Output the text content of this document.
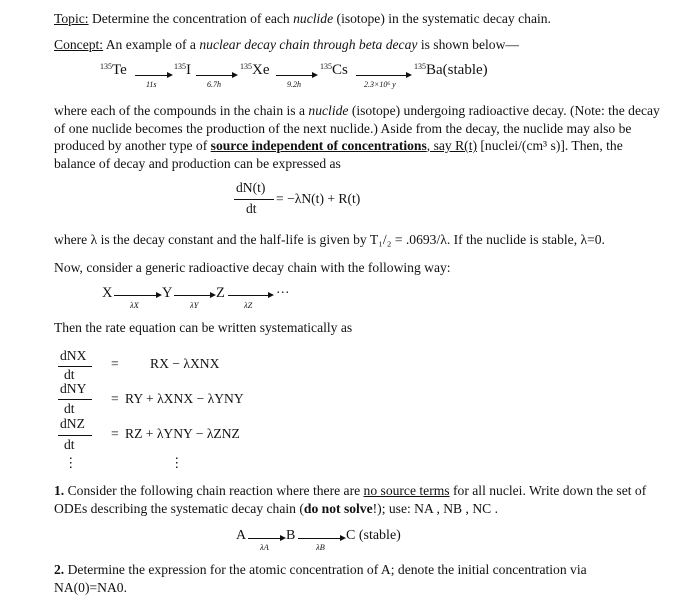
Topic: Determine the concentration of each nuclide (isotope) in the systematic decay chain.
Concept: An example of a nuclear decay chain through beta decay is shown below—
$^{135}$Te
11s
$^{135}$I
6.7h
$^{135}$Xe
9.2h
$^{135}$Cs
2.3×10⁶ y
$^{135}$Ba(stable)
where each of the compounds in the chain is a nuclide (isotope) undergoing radioactive decay. (Note: the decay of one nuclide becomes the production of the next nuclide.) Aside from the decay, the nuclide may also be produced by another type of source independent of concentrations, say R(t) [nuclei/(cm³ s)]. Then, the balance of decay and production can be expressed as
dN(t)
dt
= −λN(t) + R(t)
where λ is the decay constant and the half-life is given by T₁/₂ = .0693/λ. If the nuclide is stable, λ=0.
Now, consider a generic radioactive decay chain with the following way:
X
λX
Y
λY
Z
λZ
···
Then the rate equation can be written systematically as
dNX
dt
= RX − λXNX
dNY
dt
= RY + λXNX − λYNY
dNZ
dt
= RZ + λYNY − λZNZ
⋮	⋮
1. Consider the following chain reaction where there are no source terms for all nuclei. Write down the set of ODEs describing the systematic decay chain (do not solve!); use: NA , NB , NC .
A
λA
B
λB
C (stable)
2. Determine the expression for the atomic concentration of A; denote the initial concentration via
NA(0)=NA0.
